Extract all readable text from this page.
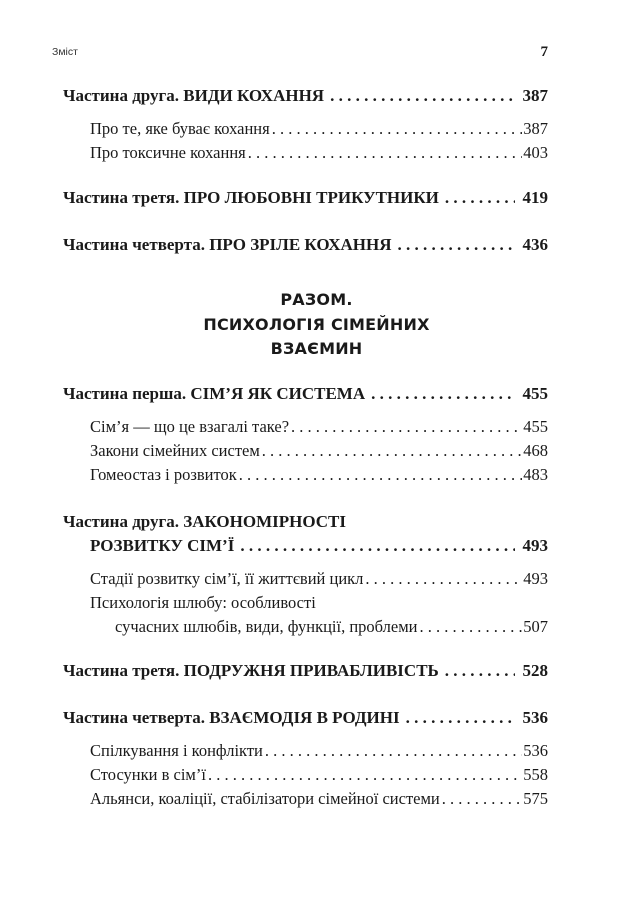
Зміст	7
Частина друга. ВИДИ КОХАННЯ . . .	387
Про те, яке буває кохання . . .	387
Про токсичне кохання . . .	403
Частина третя. ПРО ЛЮБОВНІ ТРИКУТНИКИ . . .	419
Частина четверта. ПРО ЗРІЛЕ КОХАННЯ . . .	436
РАЗОМ.
ПСИХОЛОГІЯ СІМЕЙНИХ
ВЗАЄМИН
Частина перша. СІМ’Я ЯК СИСТЕМА . . .	455
Сім’я — що це взагалі таке? . . .	455
Закони сімейних систем . . .	468
Гомеостаз і розвиток . . .	483
Частина друга. ЗАКОНОМІРНОСТІ
РОЗВИТКУ СІМ’Ї . . .	493
Стадії розвитку сім’ї, її життєвий цикл . . .	493
Психологія шлюбу: особливості
сучасних шлюбів, види, функції, проблеми . . .	507
Частина третя. ПОДРУЖНЯ ПРИВАБЛИВІСТЬ . . .	528
Частина четверта. ВЗАЄМОДІЯ В РОДИНІ . . .	536
Спілкування і конфлікти . . .	536
Стосунки в сім’ї . . .	558
Альянси, коаліції, стабілізатори сімейної системи . . .	575
